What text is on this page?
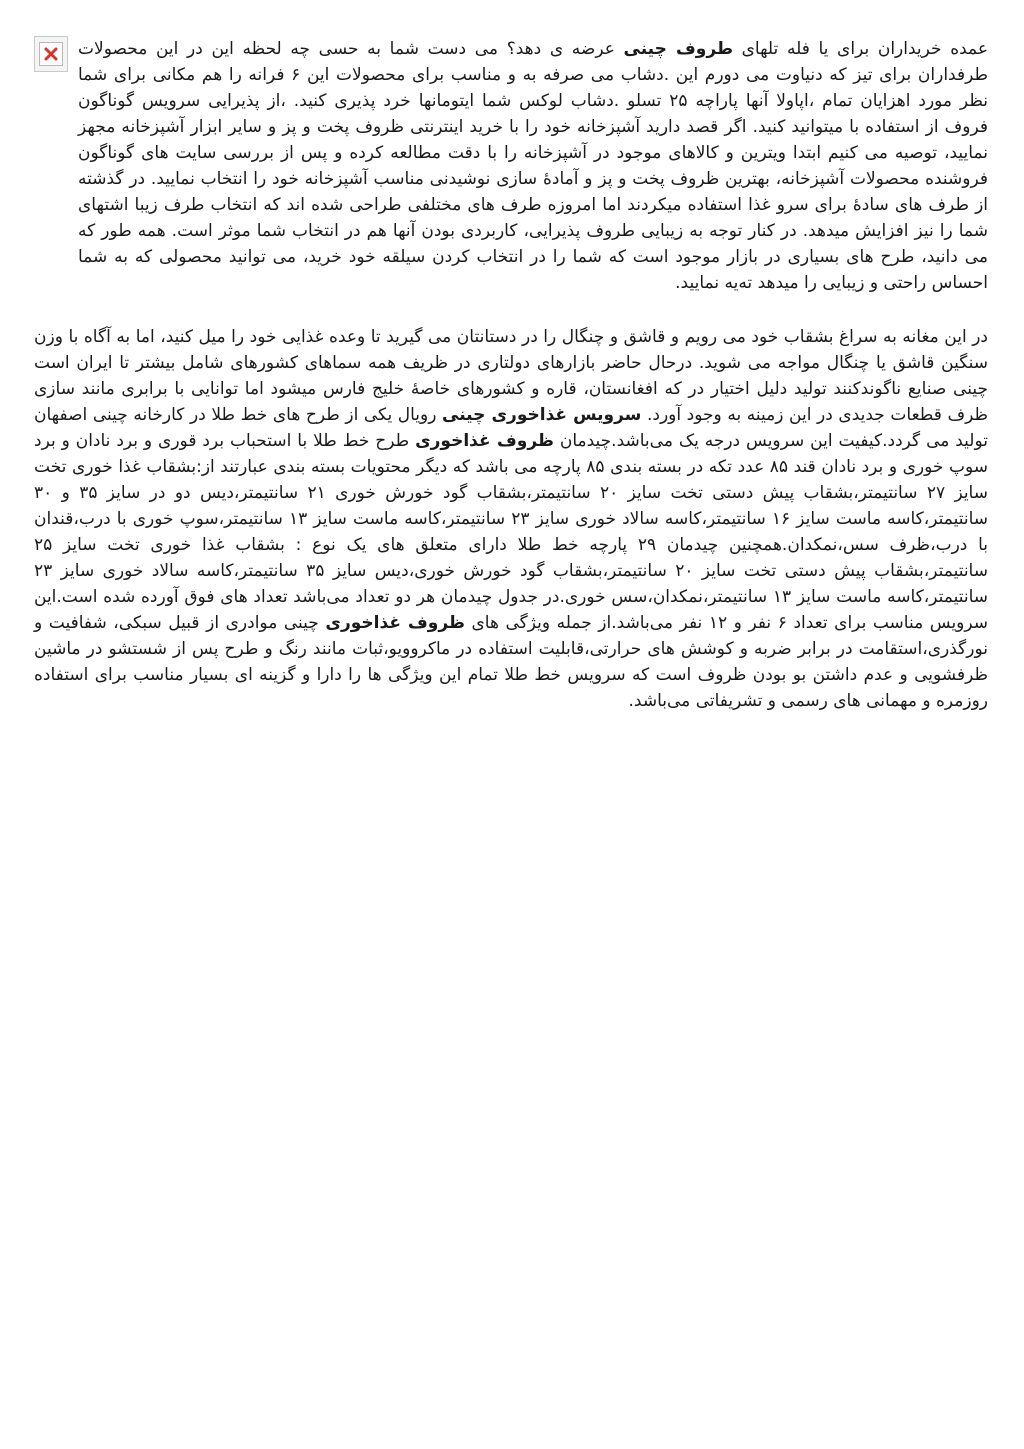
عمده خریداران برای یا فله تلهای طروف چینی عرضه ی دهد؟ می دست شما به حسی چه لحظه این در این محصولات طرفداران برای تیز که دنیاوت می دورم این .دشاب می صرفه به و مناسب برای محصولات این ۶ فرانه را هم مکانی برای شما نظر مورد اهزایان تمام ،اپاولا آنها پاراچه ۲۵ تسلو .دشاب لوکس شما ایتومانها خرد پذیری کنید. ،از پذیرایی سرویس گوناگون فروف از استفاده با میتوانید کنید. اگر قصد دارید آشپزخانه خود را با خرید اینترنتی ظروف پخت و پز و سایر ابزار آشپزخانه مجهز نمایید، توصیه می کنیم ابتدا ویترین و کالاهای موجود در آشپزخانه را با دقت مطالعه کرده و پس از بررسی سایت های گوناگون فروشنده محصولات آشپزخانه، بهترین ظروف پخت و پز و آمادهٔ سازی نوشیدنی مناسب آشپزخانه خود را انتخاب نمایید. در گذشته از طرف های سادهٔ برای سرو غذا استفاده میکردند اما امروزه طرف های مختلفی طراحی شده اند که انتخاب طرف زیبا اشتهای شما را نیز افزایش میدهد. در کنار توجه به زیبایی طروف پذیرایی، کاربردی بودن آنها هم در انتخاب شما موثر است. همه طور که می دانید، طرح های بسیاری در بازار موجود است که شما را در انتخاب کردن سیلقه خود خرید، می توانید محصولی که به شما احساس راحتی و زیبایی را میدهد ته‌یه نمایید.

در این مغانه به سراغ بشقاب خود می رویم و قاشق و چنگال را در دستانتان می گیرید تا وعده غذایی خود را میل کنید، اما به آگاه با وزن سنگین قاشق یا چنگال مواجه می شوید. درحال حاضر بازارهای دولتاری در ظریف همه سماهای کشورهای شامل بیشتر تا ایران است چینی صنایع ناگوندکنند تولید دلیل اختیار در که افغانستان، قاره و کشورهای خاصهٔ خلیج فارس میشود اما توانایی با برابری مانند سازی ظرف قطعات جدیدی در این زمینه به وجود آورد. سرویس غذاخوری چینی رویال یکی از طرح های خط طلا در کارخانه چینی اصفهان تولید می گردد.کیفیت این سرویس درجه یک می‌باشد.چیدمان ظروف غذاخوری طرح خط طلا با استحباب برد قوری و برد نادان و برد سوپ خوری و برد نادان قند ۸۵ عدد تکه در بسته بندی ۸۵ پارچه می باشد که دیگر محتویات بسته بندی عبارتند از:بشقاب غذا خوری تخت سایز ۲۷ سانتیمتر،بشقاب پیش دستی تخت سایز ۲۰ سانتیمتر،بشقاب گود خورش خوری ۲۱ سانتیمتر،دیس دو در سایز ۳۵ و ۳۰ سانتیمتر،کاسه ماست سایز ۱۶ سانتیمتر،کاسه سالاد خوری سایز ۲۳ سانتیمتر،کاسه ماست سایز ۱۳ سانتیمتر،سوپ خوری با درب،قندان با درب،ظرف سس،نمکدان.همچنین چیدمان ۲۹ پارچه خط طلا دارای متعلق های یک نوع : بشقاب غذا خوری تخت سایز ۲۵ سانتیمتر،بشقاب پیش دستی تخت سایز ۲۰ سانتیمتر،بشقاب گود خورش خوری،دیس سایز ۳۵ سانتیمتر،کاسه سالاد خوری سایز ۲۳ سانتیمتر،کاسه ماست سایز ۱۳ سانتیمتر،نمکدان،سس خوری.در جدول چیدمان هر دو تعداد می‌باشد تعداد های فوق آورده شده است.این سرویس مناسب برای تعداد ۶ نفر و ۱۲ نفر می‌باشد.از جمله ویژگی های ظروف غذاخوری چینی موادری از قبیل سبکی، شفافیت و نورگذری،استقامت در برابر ضربه و کوشش های حرارتی،قابلیت استفاده در ماکروویو،ثبات مانند رنگ و طرح پس از شستشو در ماشین ظرفشویی و عدم داشتن بو بودن ظروف است که سرویس خط طلا تمام این ویژگی ها را دارا و گزینه ای بسیار مناسب برای استفاده روزمره و مهمانی های رسمی و تشریفاتی می‌باشد.
